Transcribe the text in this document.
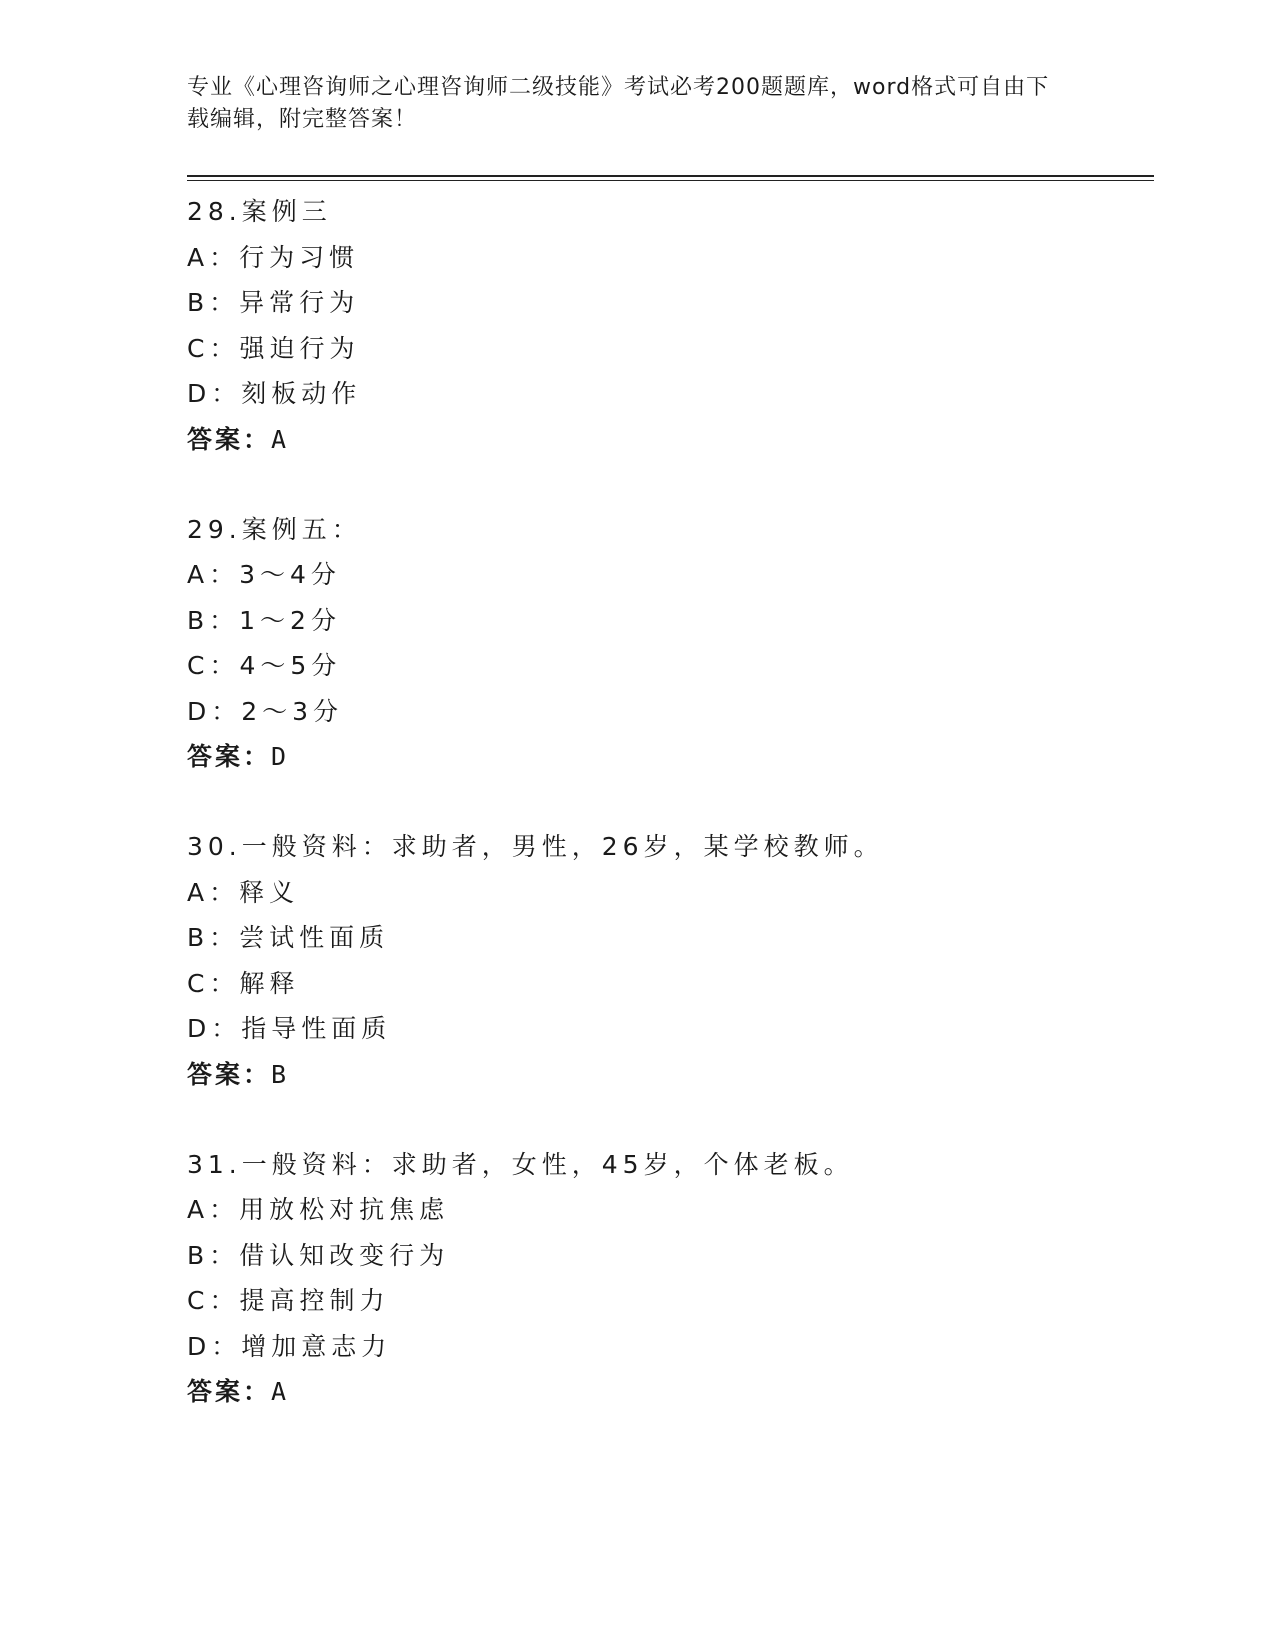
专业《心理咨询师之心理咨询师二级技能》考试必考200题题库，word格式可自由下载编辑，附完整答案！
28.案例三
A：行为习惯
B：异常行为
C：强迫行为
D：刻板动作
答案：A
29.案例五：
A：3～4分
B：1～2分
C：4～5分
D：2～3分
答案：D
30.一般资料：求助者，男性，26岁，某学校教师。
A：释义
B：尝试性面质
C：解释
D：指导性面质
答案：B
31.一般资料：求助者，女性，45岁，个体老板。
A：用放松对抗焦虑
B：借认知改变行为
C：提高控制力
D：增加意志力
答案：A
